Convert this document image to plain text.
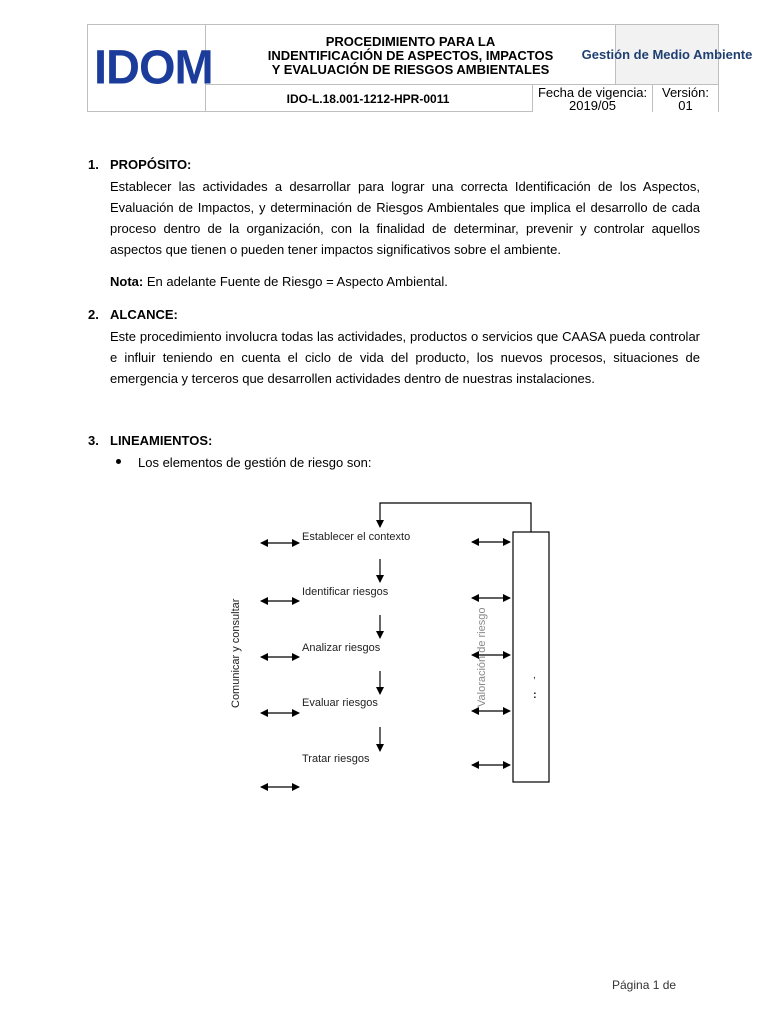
IDOM	PROCEDIMIENTO PARA LA
INDENTIFICACIÓN DE ASPECTOS, IMPACTOS
Y EVALUACIÓN DE RIESGOS AMBIENTALES
IDO-L.18.001-1212-HPR-0011
Gestión de Medio Ambiente
Fecha de vigencia:
2019/05
Versión:
01
1. PROPÓSITO:
Establecer las actividades a desarrollar para lograr una correcta Identificación de los Aspectos, Evaluación de Impactos, y determinación de Riesgos Ambientales que implica el desarrollo de cada proceso dentro de la organización, con la finalidad de determinar, prevenir y controlar aquellos aspectos que tienen o pueden tener impactos significativos sobre el ambiente.
Nota: En adelante Fuente de Riesgo = Aspecto Ambiental.
2. ALCANCE:
Este procedimiento involucra todas las actividades, productos o servicios que CAASA pueda controlar e influir teniendo en cuenta el ciclo de vida del producto, los nuevos procesos, situaciones de emergencia y terceros que desarrollen actividades dentro de nuestras instalaciones.
3. LINEAMIENTOS:
Los elementos de gestión de riesgo son:
Establecer el contexto
Identificar riesgos
Analizar riesgos
Evaluar riesgos
Tratar riesgos
Comunicar y consultar	Valoración de riesgo	,
:
Página 1 de
